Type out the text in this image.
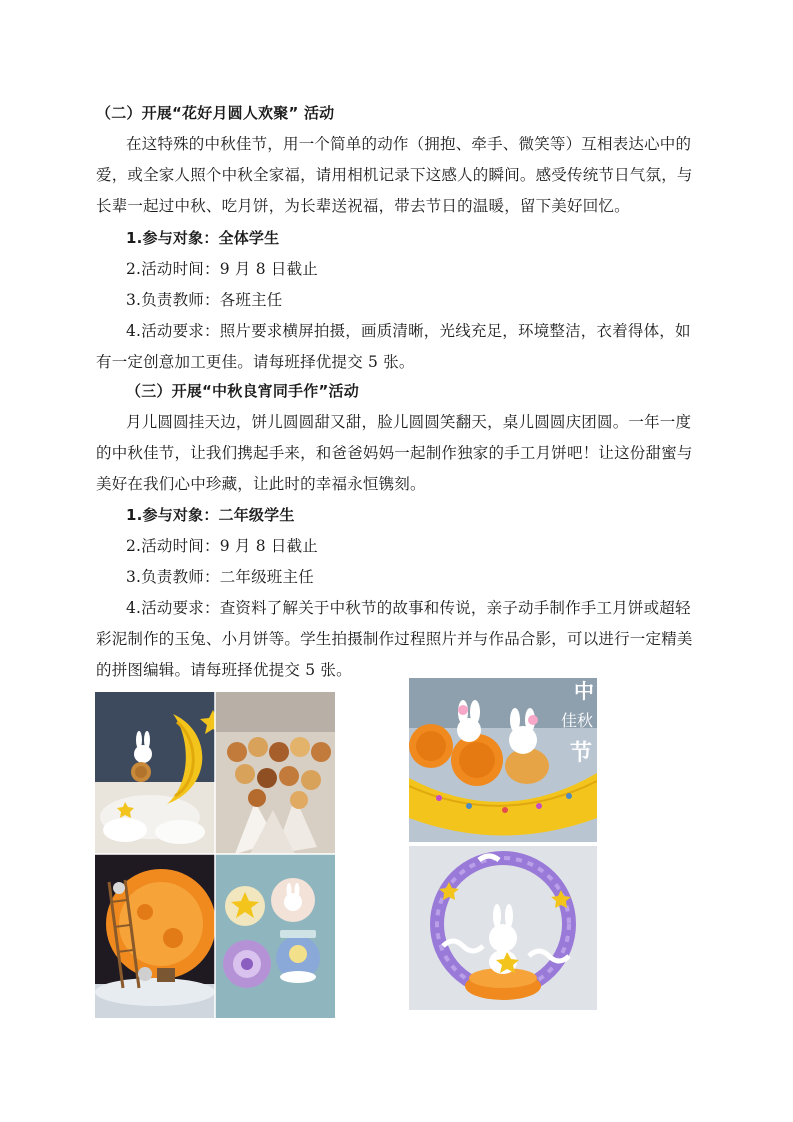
（二）开展“花好月圆人欢聚” 活动
在这特殊的中秋佳节，用一个简单的动作（拥抱、牵手、微笑等）互相表达心中的
爱，或全家人照个中秋全家福，请用相机记录下这感人的瞬间。感受传统节日气氛，与
长辈一起过中秋、吃月饼，为长辈送祝福，带去节日的温暖，留下美好回忆。
1.参与对象：全体学生
2.活动时间：9 月 8 日截止
3.负责教师：各班主任
4.活动要求：照片要求横屏拍摄，画质清晰，光线充足，环境整洁，衣着得体，如
有一定创意加工更佳。请每班择优提交 5 张。
（三）开展“中秋良宵同手作”活动
月儿圆圆挂天边，饼儿圆圆甜又甜，脸儿圆圆笑翻天，桌儿圆圆庆团圆。一年一度
的中秋佳节，让我们携起手来，和爸爸妈妈一起制作独家的手工月饼吧！让这份甜蜜与
美好在我们心中珍藏，让此时的幸福永恒镌刻。
1.参与对象：二年级学生
2.活动时间：9 月 8 日截止
3.负责教师：二年级班主任
4.活动要求：查资料了解关于中秋节的故事和传说，亲子动手制作手工月饼或超轻
彩泥制作的玉兔、小月饼等。学生拍摄制作过程照片并与作品合影，可以进行一定精美
的拼图编辑。请每班择优提交 5 张。
中
佳秋
节
